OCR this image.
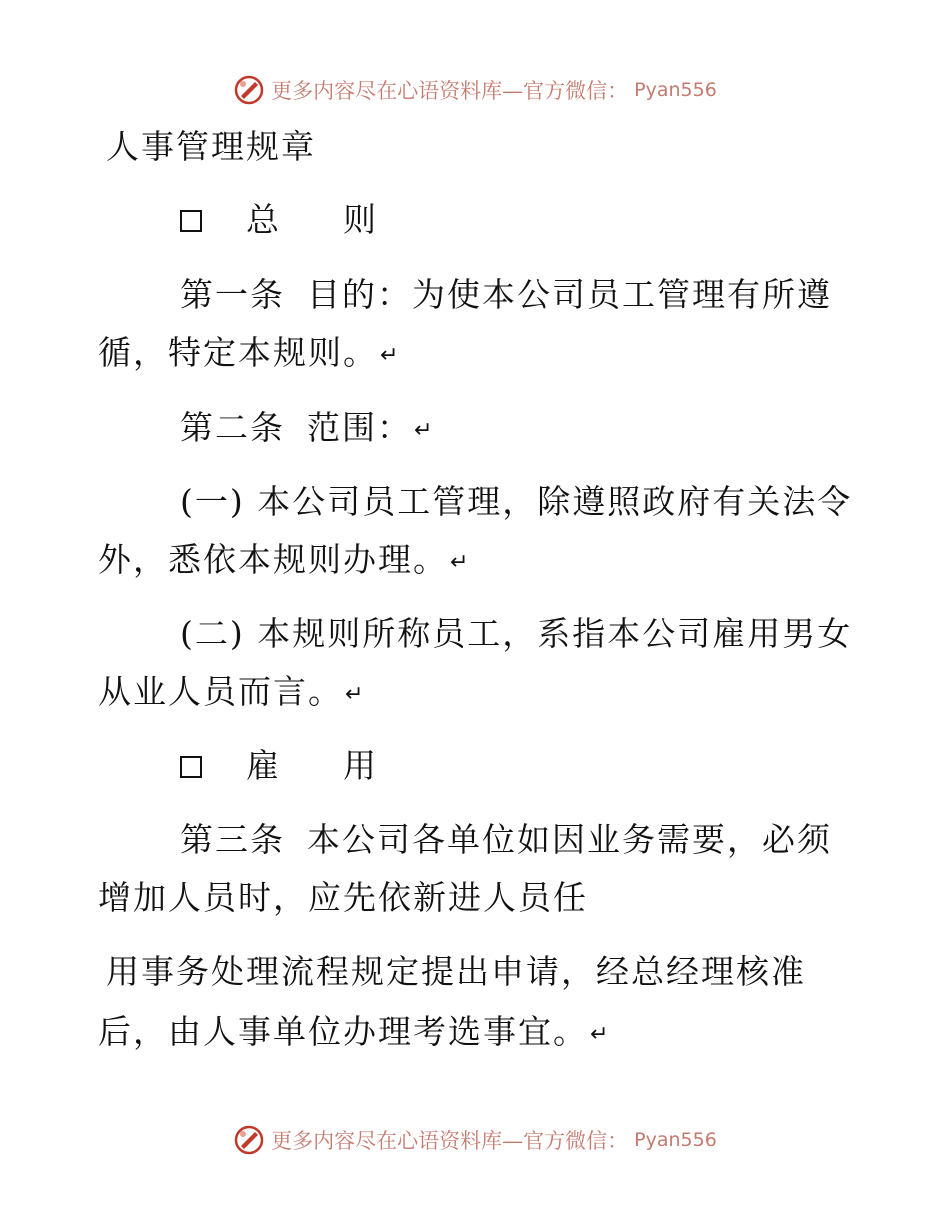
更多内容尽在心语资料库—官方微信： Pyan556
人事管理规章
总 则
第一条 目的：为使本公司员工管理有所遵
循，特定本规则。↵
第二条 范围：↵
(一) 本公司员工管理，除遵照政府有关法令
外，悉依本规则办理。↵
(二) 本规则所称员工，系指本公司雇用男女
从业人员而言。↵
雇 用
第三条 本公司各单位如因业务需要，必须
增加人员时，应先依新进人员任
用事务处理流程规定提出申请，经总经理核准
后，由人事单位办理考选事宜。↵
更多内容尽在心语资料库—官方微信： Pyan556
